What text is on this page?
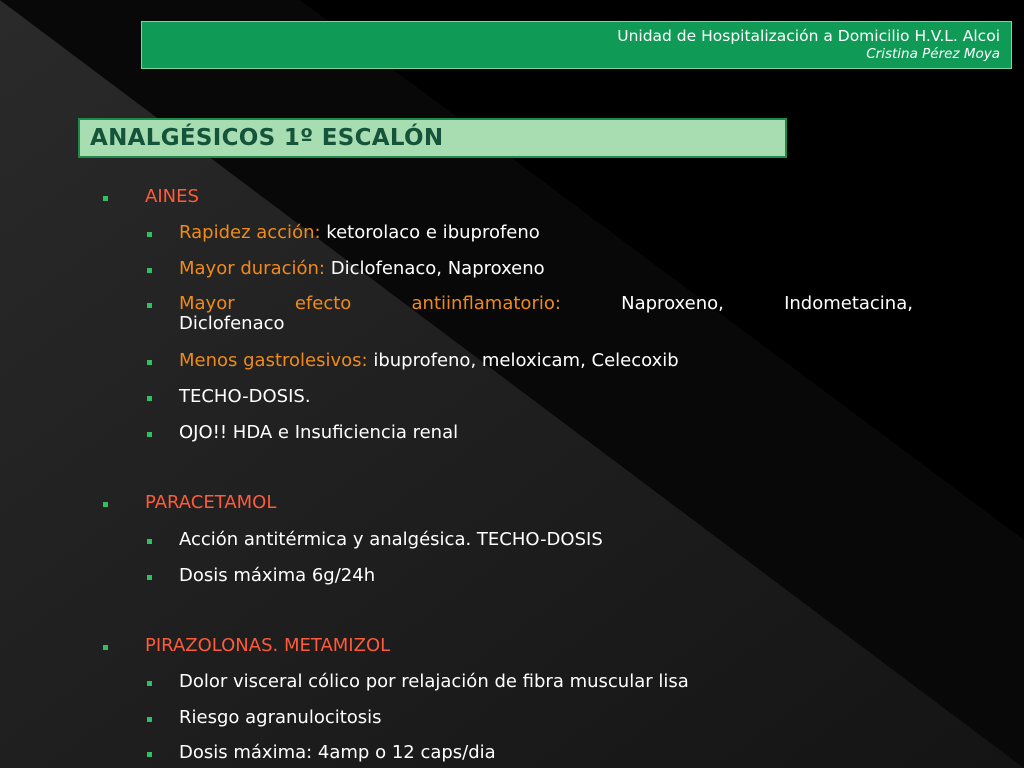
Unidad de Hospitalización a Domicilio H.V.L. Alcoi
Cristina Pérez Moya
ANALGÉSICOS 1º ESCALÓN
AINES
Rapidez acción: ketorolaco e ibuprofeno
Mayor duración: Diclofenaco, Naproxeno
Mayor	efecto	antiinflamatorio:	Naproxeno,	Indometacina,
Diclofenaco
Menos gastrolesivos: ibuprofeno, meloxicam, Celecoxib
TECHO-DOSIS.
OJO!! HDA e Insuficiencia renal
PARACETAMOL
Acción antitérmica y analgésica. TECHO-DOSIS
Dosis máxima 6g/24h
PIRAZOLONAS. METAMIZOL
Dolor visceral cólico por relajación de fibra muscular lisa
Riesgo agranulocitosis
Dosis máxima: 4amp o 12 caps/dia
